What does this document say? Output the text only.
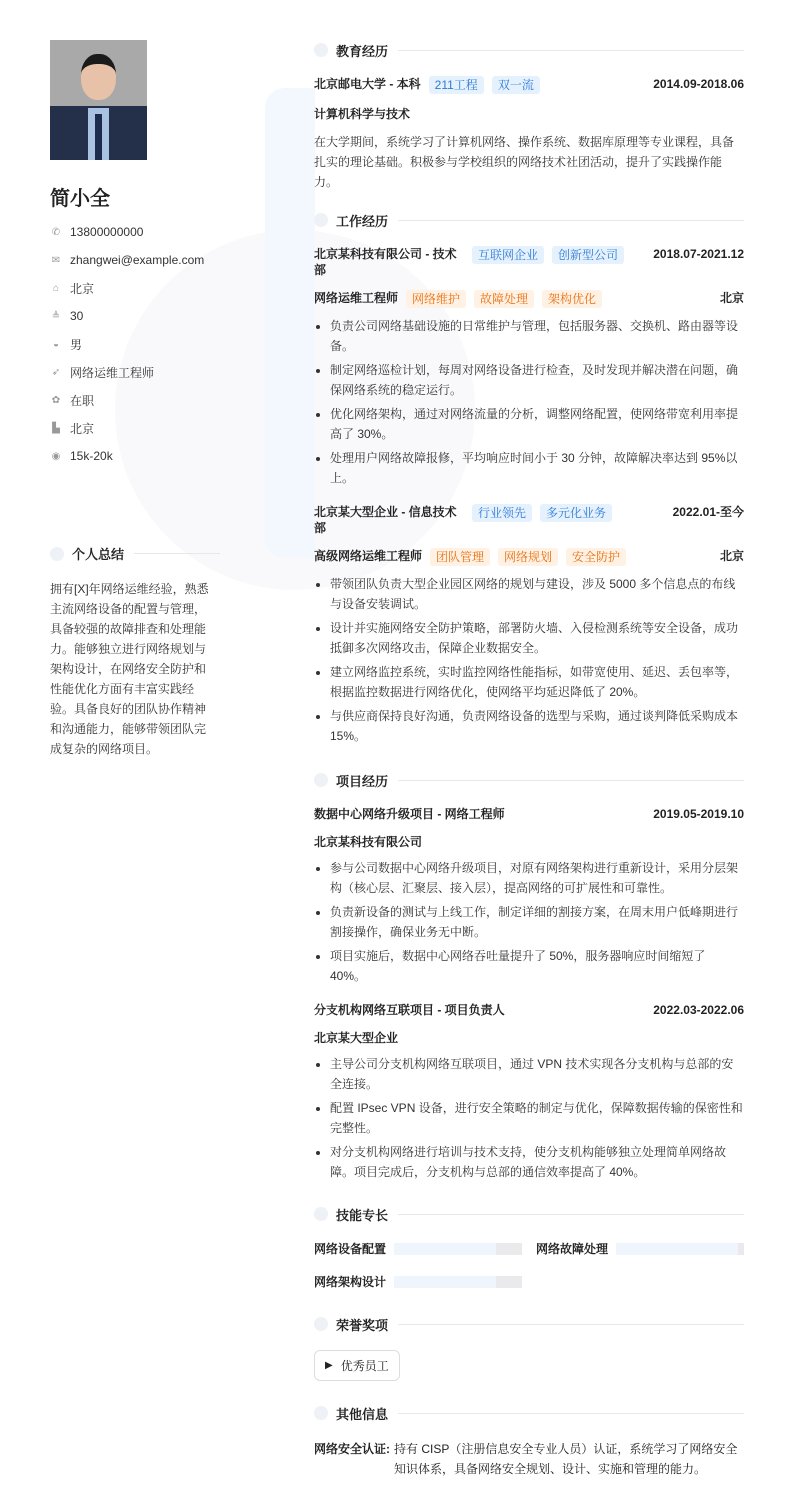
简小全
✆ 13800000000
✉ zhangwei@example.com
⌂ 北京
≜ 30
◒ 男
➶ 网络运维工程师
✿ 在职
▙ 北京
◉ 15k-20k
个人总结
拥有[X]年网络运维经验，熟悉主流网络设备的配置与管理，具备较强的故障排查和处理能力。能够独立进行网络规划与架构设计，在网络安全防护和性能优化方面有丰富实践经验。具备良好的团队协作精神和沟通能力，能够带领团队完成复杂的网络项目。
教育经历
北京邮电大学 - 本科	211工程	双一流	2014.09-2018.06
计算机科学与技术

在大学期间，系统学习了计算机网络、操作系统、数据库原理等专业课程，具备扎实的理论基础。积极参与学校组织的网络技术社团活动，提升了实践操作能力。

工作经历
北京某科技有限公司 - 技术部
互联网企业	创新型公司	2018.07-2021.12
网络运维工程师	网络维护	故障处理	架构优化	北京
负责公司网络基础设施的日常维护与管理，包括服务器、交换机、路由器等设备。
制定网络巡检计划，每周对网络设备进行检查，及时发现并解决潜在问题，确保网络系统的稳定运行。
优化网络架构，通过对网络流量的分析，调整网络配置，使网络带宽利用率提高了 30%。
处理用户网络故障报修，平均响应时间小于 30 分钟，故障解决率达到 95%以上。
北京某大型企业 - 信息技术部
行业领先	多元化业务	2022.01-至今
高级网络运维工程师	团队管理	网络规划	安全防护	北京
带领团队负责大型企业园区网络的规划与建设，涉及 5000 多个信息点的布线与设备安装调试。
设计并实施网络安全防护策略，部署防火墙、入侵检测系统等安全设备，成功抵御多次网络攻击，保障企业数据安全。
建立网络监控系统，实时监控网络性能指标，如带宽使用、延迟、丢包率等，根据监控数据进行网络优化，使网络平均延迟降低了 20%。
与供应商保持良好沟通，负责网络设备的选型与采购，通过谈判降低采购成本 15%。
项目经历
数据中心网络升级项目 - 网络工程师	2019.05-2019.10
北京某科技有限公司
参与公司数据中心网络升级项目，对原有网络架构进行重新设计，采用分层架构（核心层、汇聚层、接入层），提高网络的可扩展性和可靠性。
负责新设备的测试与上线工作，制定详细的割接方案，在周末用户低峰期进行割接操作，确保业务无中断。
项目实施后，数据中心网络吞吐量提升了 50%，服务器响应时间缩短了 40%。
分支机构网络互联项目 - 项目负责人	2022.03-2022.06
北京某大型企业
主导公司分支机构网络互联项目，通过 VPN 技术实现各分支机构与总部的安全连接。
配置 IPsec VPN 设备，进行安全策略的制定与优化，保障数据传输的保密性和完整性。
对分支机构网络进行培训与技术支持，使分支机构能够独立处理简单网络故障。项目完成后，分支机构与总部的通信效率提高了 40%。
技能专长
网络设备配置	网络故障处理
网络架构设计
荣誉奖项
▶ 优秀员工
其他信息
网络安全认证: 持有 CISP（注册信息安全专业人员）认证，系统学习了网络安全知识体系，具备网络安全规划、设计、实施和管理的能力。
